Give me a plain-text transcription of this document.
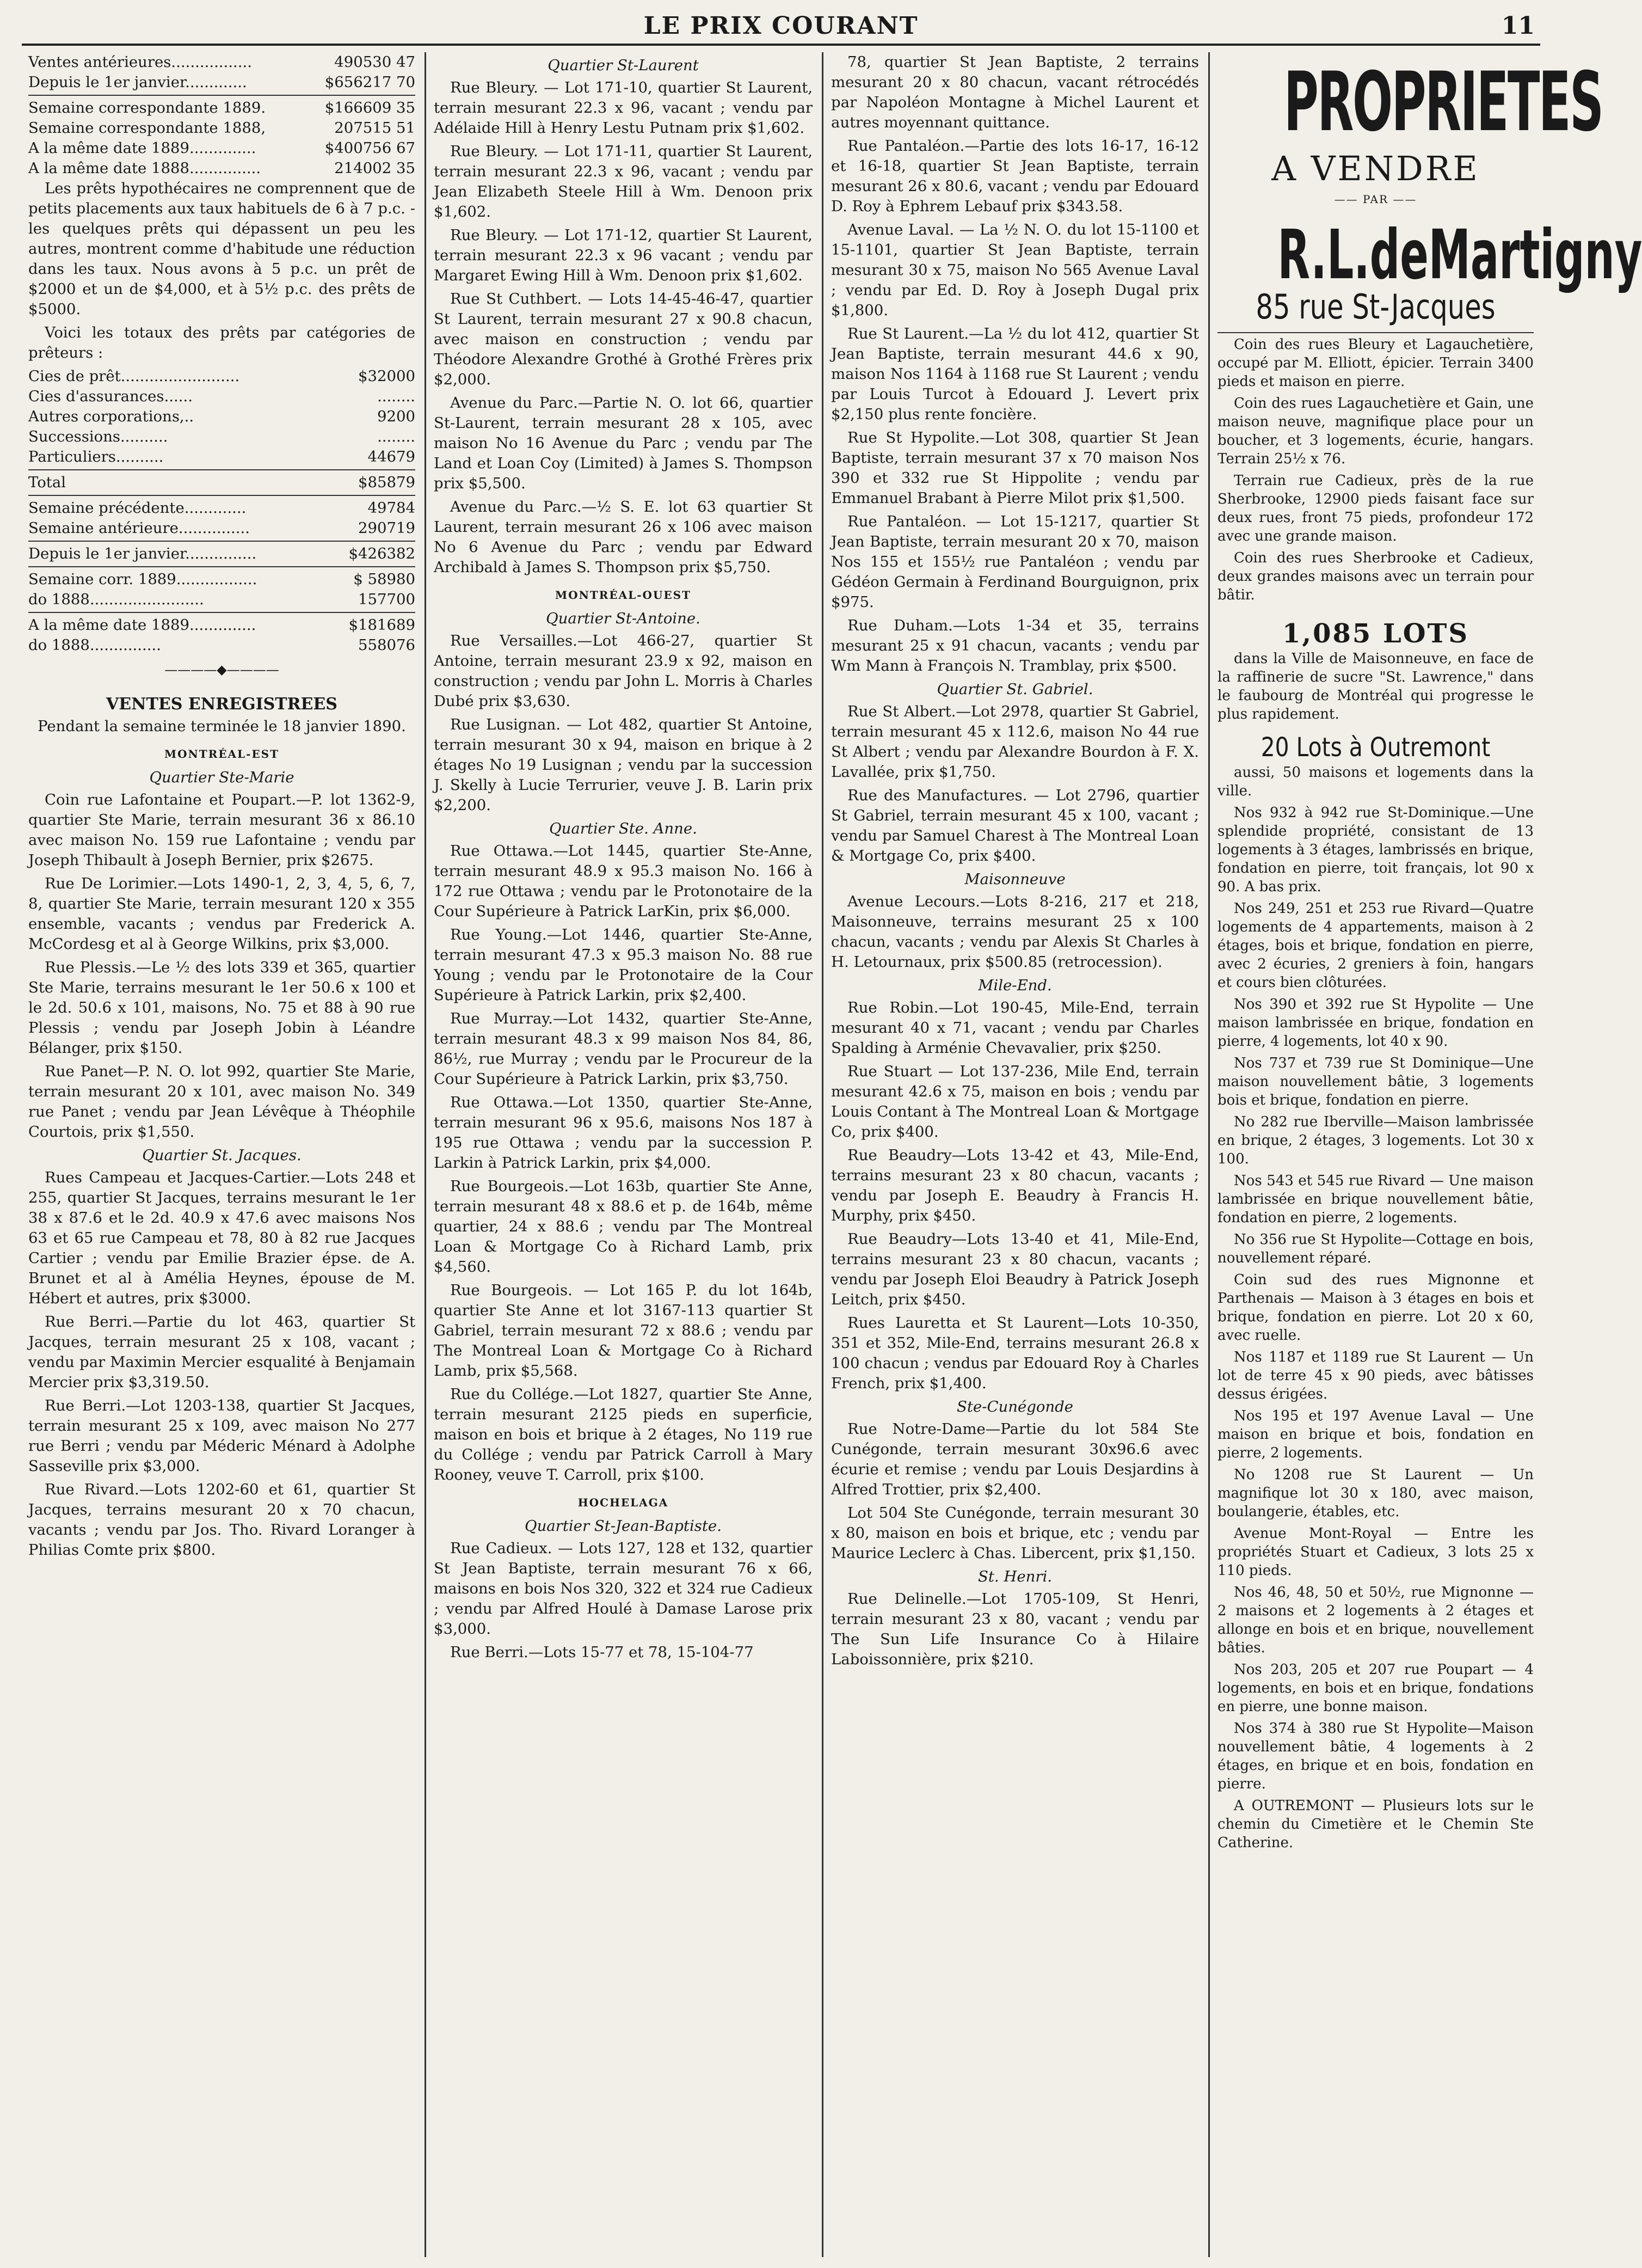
LE PRIX COURANT	11
Ventes antérieures.................	490530 47
Depuis le 1er janvier.............	$656217 70
Semaine correspondante 1889.	$166609 35
Semaine correspondante 1888,	207515 51
A la même date 1889..............	$400756 67
A la même date 1888...............	214002 35

Les prêts hypothécaires ne comprennent que de petits placements aux taux habituels de 6 à 7 p.c. - les quelques prêts qui dépassent un peu les autres, montrent comme d'habitude une réduction dans les taux. Nous avons à 5 p.c. un prêt de $2000 et un de $4,000, et à 5½ p.c. des prêts de $5000.

Voici les totaux des prêts par catégories de prêteurs :

Cies de prêt.........................	$32000
Cies d'assurances......	........
Autres corporations,..	9200
Successions..........	........
Particuliers..........	44679
Total	$85879
Semaine précédente.............	49784
Semaine antérieure...............	290719
Depuis le 1er janvier...............	$426382
Semaine corr. 1889.................	$ 58980
do 1888........................	157700
A la même date 1889..............	$181689
do 1888...............	558076
————◆————
VENTES ENREGISTREES

Pendant la semaine terminée le 18 janvier 1890.

MONTRÉAL-EST
Quartier Ste-Marie

Coin rue Lafontaine et Poupart.—P. lot 1362-9, quartier Ste Marie, terrain mesurant 36 x 86.10 avec maison No. 159 rue Lafontaine ; vendu par Joseph Thibault à Joseph Bernier, prix $2675.

Rue De Lorimier.—Lots 1490-1, 2, 3, 4, 5, 6, 7, 8, quartier Ste Marie, terrain mesurant 120 x 355 ensemble, vacants ; vendus par Frederick A. McCordesg et al à George Wilkins, prix $3,000.

Rue Plessis.—Le ½ des lots 339 et 365, quartier Ste Marie, terrains mesurant le 1er 50.6 x 100 et le 2d. 50.6 x 101, maisons, No. 75 et 88 à 90 rue Plessis ; vendu par Joseph Jobin à Léandre Bélanger, prix $150.

Rue Panet—P. N. O. lot 992, quartier Ste Marie, terrain mesurant 20 x 101, avec maison No. 349 rue Panet ; vendu par Jean Lévêque à Théophile Courtois, prix $1,550.

Quartier St. Jacques.

Rues Campeau et Jacques-Cartier.—Lots 248 et 255, quartier St Jacques, terrains mesurant le 1er 38 x 87.6 et le 2d. 40.9 x 47.6 avec maisons Nos 63 et 65 rue Campeau et 78, 80 à 82 rue Jacques Cartier ; vendu par Emilie Brazier épse. de A. Brunet et al à Amélia Heynes, épouse de M. Hébert et autres, prix $3000.

Rue Berri.—Partie du lot 463, quartier St Jacques, terrain mesurant 25 x 108, vacant ; vendu par Maximin Mercier esqualité à Benjamain Mercier prix $3,319.50.

Rue Berri.—Lot 1203-138, quartier St Jacques, terrain mesurant 25 x 109, avec maison No 277 rue Berri ; vendu par Méderic Ménard à Adolphe Sasseville prix $3,000.

Rue Rivard.—Lots 1202-60 et 61, quartier St Jacques, terrains mesurant 20 x 70 chacun, vacants ; vendu par Jos. Tho. Rivard Loranger à Philias Comte prix $800.

Quartier St-Laurent

Rue Bleury. — Lot 171-10, quartier St Laurent, terrain mesurant 22.3 x 96, vacant ; vendu par Adélaide Hill à Henry Lestu Putnam prix $1,602.

Rue Bleury. — Lot 171-11, quartier St Laurent, terrain mesurant 22.3 x 96, vacant ; vendu par Jean Elizabeth Steele Hill à Wm. Denoon prix $1,602.

Rue Bleury. — Lot 171-12, quartier St Laurent, terrain mesurant 22.3 x 96 vacant ; vendu par Margaret Ewing Hill à Wm. Denoon prix $1,602.

Rue St Cuthbert. — Lots 14-45-46-47, quartier St Laurent, terrain mesurant 27 x 90.8 chacun, avec maison en construction ; vendu par Théodore Alexandre Grothé à Grothé Frères prix $2,000.

Avenue du Parc.—Partie N. O. lot 66, quartier St-Laurent, terrain mesurant 28 x 105, avec maison No 16 Avenue du Parc ; vendu par The Land et Loan Coy (Limited) à James S. Thompson prix $5,500.

Avenue du Parc.—½ S. E. lot 63 quartier St Laurent, terrain mesurant 26 x 106 avec maison No 6 Avenue du Parc ; vendu par Edward Archibald à James S. Thompson prix $5,750.

MONTRÉAL-OUEST
Quartier St-Antoine.

Rue Versailles.—Lot 466-27, quartier St Antoine, terrain mesurant 23.9 x 92, maison en construction ; vendu par John L. Morris à Charles Dubé prix $3,630.

Rue Lusignan. — Lot 482, quartier St Antoine, terrain mesurant 30 x 94, maison en brique à 2 étages No 19 Lusignan ; vendu par la succession J. Skelly à Lucie Terrurier, veuve J. B. Larin prix $2,200.

Quartier Ste. Anne.

Rue Ottawa.—Lot 1445, quartier Ste-Anne, terrain mesurant 48.9 x 95.3 maison No. 166 à 172 rue Ottawa ; vendu par le Protonotaire de la Cour Supérieure à Patrick LarKin, prix $6,000.

Rue Young.—Lot 1446, quartier Ste-Anne, terrain mesurant 47.3 x 95.3 maison No. 88 rue Young ; vendu par le Protonotaire de la Cour Supérieure à Patrick Larkin, prix $2,400.

Rue Murray.—Lot 1432, quartier Ste-Anne, terrain mesurant 48.3 x 99 maison Nos 84, 86, 86½, rue Murray ; vendu par le Procureur de la Cour Supérieure à Patrick Larkin, prix $3,750.

Rue Ottawa.—Lot 1350, quartier Ste-Anne, terrain mesurant 96 x 95.6, maisons Nos 187 à 195 rue Ottawa ; vendu par la succession P. Larkin à Patrick Larkin, prix $4,000.

Rue Bourgeois.—Lot 163b, quartier Ste Anne, terrain mesurant 48 x 88.6 et p. de 164b, même quartier, 24 x 88.6 ; vendu par The Montreal Loan & Mortgage Co à Richard Lamb, prix $4,560.

Rue Bourgeois. — Lot 165 P. du lot 164b, quartier Ste Anne et lot 3167-113 quartier St Gabriel, terrain mesurant 72 x 88.6 ; vendu par The Montreal Loan & Mortgage Co à Richard Lamb, prix $5,568.

Rue du Collége.—Lot 1827, quartier Ste Anne, terrain mesurant 2125 pieds en superficie, maison en bois et brique à 2 étages, No 119 rue du Collége ; vendu par Patrick Carroll à Mary Rooney, veuve T. Carroll, prix $100.

HOCHELAGA
Quartier St-Jean-Baptiste.

Rue Cadieux. — Lots 127, 128 et 132, quartier St Jean Baptiste, terrain mesurant 76 x 66, maisons en bois Nos 320, 322 et 324 rue Cadieux ; vendu par Alfred Houlé à Damase Larose prix $3,000.

Rue Berri.—Lots 15-77 et 78, 15-104-77

78, quartier St Jean Baptiste, 2 terrains mesurant 20 x 80 chacun, vacant rétrocédés par Napoléon Montagne à Michel Laurent et autres moyennant quittance.

Rue Pantaléon.—Partie des lots 16-17, 16-12 et 16-18, quartier St Jean Baptiste, terrain mesurant 26 x 80.6, vacant ; vendu par Edouard D. Roy à Ephrem Lebauf prix $343.58.

Avenue Laval. — La ½ N. O. du lot 15-1100 et 15-1101, quartier St Jean Baptiste, terrain mesurant 30 x 75, maison No 565 Avenue Laval ; vendu par Ed. D. Roy à Joseph Dugal prix $1,800.

Rue St Laurent.—La ½ du lot 412, quartier St Jean Baptiste, terrain mesurant 44.6 x 90, maison Nos 1164 à 1168 rue St Laurent ; vendu par Louis Turcot à Edouard J. Levert prix $2,150 plus rente foncière.

Rue St Hypolite.—Lot 308, quartier St Jean Baptiste, terrain mesurant 37 x 70 maison Nos 390 et 332 rue St Hippolite ; vendu par Emmanuel Brabant à Pierre Milot prix $1,500.

Rue Pantaléon. — Lot 15-1217, quartier St Jean Baptiste, terrain mesurant 20 x 70, maison Nos 155 et 155½ rue Pantaléon ; vendu par Gédéon Germain à Ferdinand Bourguignon, prix $975.

Rue Duham.—Lots 1-34 et 35, terrains mesurant 25 x 91 chacun, vacants ; vendu par Wm Mann à François N. Tramblay, prix $500.

Quartier St. Gabriel.

Rue St Albert.—Lot 2978, quartier St Gabriel, terrain mesurant 45 x 112.6, maison No 44 rue St Albert ; vendu par Alexandre Bourdon à F. X. Lavallée, prix $1,750.

Rue des Manufactures. — Lot 2796, quartier St Gabriel, terrain mesurant 45 x 100, vacant ; vendu par Samuel Charest à The Montreal Loan & Mortgage Co, prix $400.

Maisonneuve

Avenue Lecours.—Lots 8-216, 217 et 218, Maisonneuve, terrains mesurant 25 x 100 chacun, vacants ; vendu par Alexis St Charles à H. Letournaux, prix $500.85 (retrocession).

Mile-End.

Rue Robin.—Lot 190-45, Mile-End, terrain mesurant 40 x 71, vacant ; vendu par Charles Spalding à Arménie Chevavalier, prix $250.

Rue Stuart — Lot 137-236, Mile End, terrain mesurant 42.6 x 75, maison en bois ; vendu par Louis Contant à The Montreal Loan & Mortgage Co, prix $400.

Rue Beaudry—Lots 13-42 et 43, Mile-End, terrains mesurant 23 x 80 chacun, vacants ; vendu par Joseph E. Beaudry à Francis H. Murphy, prix $450.

Rue Beaudry—Lots 13-40 et 41, Mile-End, terrains mesurant 23 x 80 chacun, vacants ; vendu par Joseph Eloi Beaudry à Patrick Joseph Leitch, prix $450.

Rues Lauretta et St Laurent—Lots 10-350, 351 et 352, Mile-End, terrains mesurant 26.8 x 100 chacun ; vendus par Edouard Roy à Charles French, prix $1,400.

Ste-Cunégonde

Rue Notre-Dame—Partie du lot 584 Ste Cunégonde, terrain mesurant 30x96.6 avec écurie et remise ; vendu par Louis Desjardins à Alfred Trottier, prix $2,400.

Lot 504 Ste Cunégonde, terrain mesurant 30 x 80, maison en bois et brique, etc ; vendu par Maurice Leclerc à Chas. Libercent, prix $1,150.

St. Henri.

Rue Delinelle.—Lot 1705-109, St Henri, terrain mesurant 23 x 80, vacant ; vendu par The Sun Life Insurance Co à Hilaire Laboissonnière, prix $210.

PROPRIETES
A VENDRE
—— PAR ——
R.L.deMartigny
85 rue St-Jacques

Coin des rues Bleury et Lagauchetière, occupé par M. Elliott, épicier. Terrain 3400 pieds et maison en pierre.

Coin des rues Lagauchetière et Gain, une maison neuve, magnifique place pour un boucher, et 3 logements, écurie, hangars. Terrain 25½ x 76.

Terrain rue Cadieux, près de la rue Sherbrooke, 12900 pieds faisant face sur deux rues, front 75 pieds, profondeur 172 avec une grande maison.

Coin des rues Sherbrooke et Cadieux, deux grandes maisons avec un terrain pour bâtir.

1,085 LOTS

dans la Ville de Maisonneuve, en face de la raffinerie de sucre "St. Lawrence," dans le faubourg de Montréal qui progresse le plus rapidement.

20 Lots à Outremont

aussi, 50 maisons et logements dans la ville.

Nos 932 à 942 rue St-Dominique.—Une splendide propriété, consistant de 13 logements à 3 étages, lambrissés en brique, fondation en pierre, toit français, lot 90 x 90. A bas prix.

Nos 249, 251 et 253 rue Rivard—Quatre logements de 4 appartements, maison à 2 étages, bois et brique, fondation en pierre, avec 2 écuries, 2 greniers à foin, hangars et cours bien clôturées.

Nos 390 et 392 rue St Hypolite — Une maison lambrissée en brique, fondation en pierre, 4 logements, lot 40 x 90.

Nos 737 et 739 rue St Dominique—Une maison nouvellement bâtie, 3 logements bois et brique, fondation en pierre.

No 282 rue Iberville—Maison lambrissée en brique, 2 étages, 3 logements. Lot 30 x 100.

Nos 543 et 545 rue Rivard — Une maison lambrissée en brique nouvellement bâtie, fondation en pierre, 2 logements.

No 356 rue St Hypolite—Cottage en bois, nouvellement réparé.

Coin sud des rues Mignonne et Parthenais — Maison à 3 étages en bois et brique, fondation en pierre. Lot 20 x 60, avec ruelle.

Nos 1187 et 1189 rue St Laurent — Un lot de terre 45 x 90 pieds, avec bâtisses dessus érigées.

Nos 195 et 197 Avenue Laval — Une maison en brique et bois, fondation en pierre, 2 logements.

No 1208 rue St Laurent — Un magnifique lot 30 x 180, avec maison, boulangerie, étables, etc.

Avenue Mont-Royal — Entre les propriétés Stuart et Cadieux, 3 lots 25 x 110 pieds.

Nos 46, 48, 50 et 50½, rue Mignonne — 2 maisons et 2 logements à 2 étages et allonge en bois et en brique, nouvellement bâties.

Nos 203, 205 et 207 rue Poupart — 4 logements, en bois et en brique, fondations en pierre, une bonne maison.

Nos 374 à 380 rue St Hypolite—Maison nouvellement bâtie, 4 logements à 2 étages, en brique et en bois, fondation en pierre.

A OUTREMONT — Plusieurs lots sur le chemin du Cimetière et le Chemin Ste Catherine.
